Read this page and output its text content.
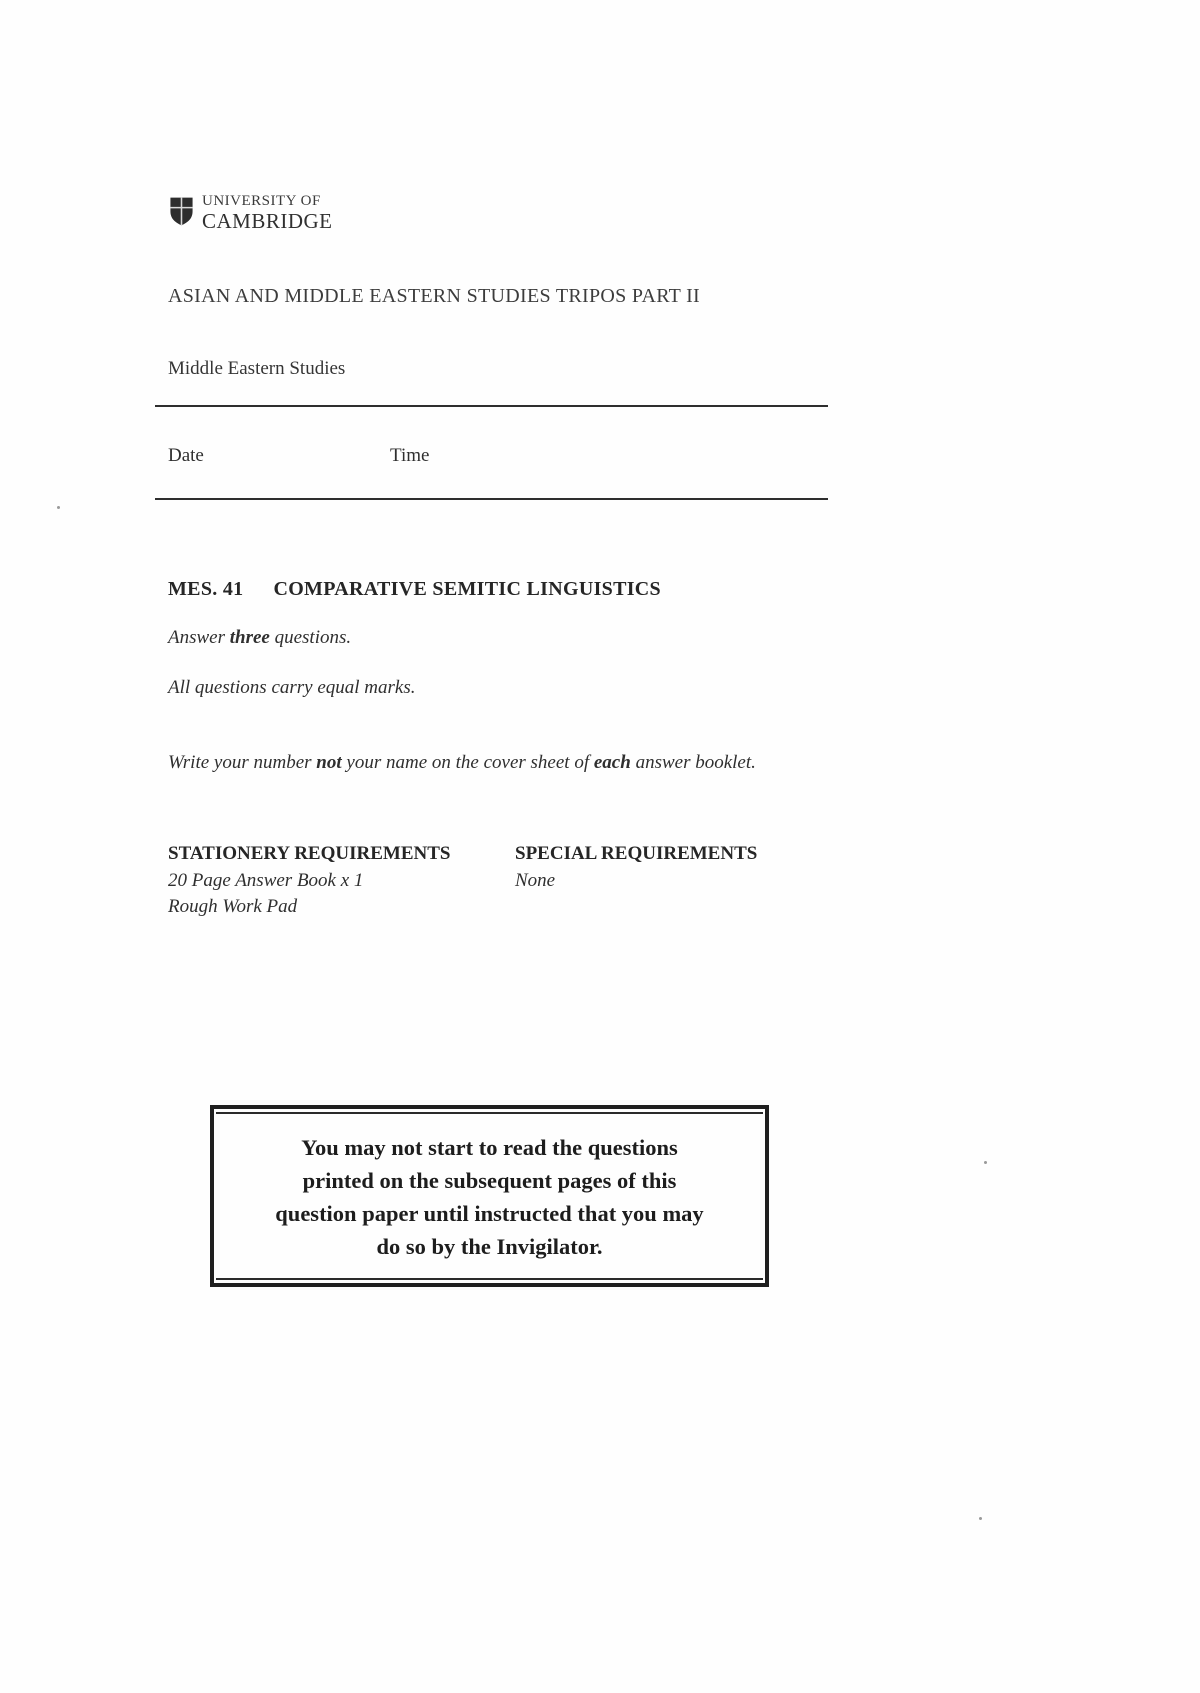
UNIVERSITY OF
CAMBRIDGE
ASIAN AND MIDDLE EASTERN STUDIES TRIPOS PART II
Middle Eastern Studies
Date	Time
MES. 41 COMPARATIVE SEMITIC LINGUISTICS
Answer three questions.
All questions carry equal marks.
Write your number not your name on the cover sheet of each answer booklet.
STATIONERY REQUIREMENTS
20 Page Answer Book x 1
Rough Work Pad
SPECIAL REQUIREMENTS
None
You may not start to read the questions
printed on the subsequent pages of this
question paper until instructed that you may
do so by the Invigilator.
